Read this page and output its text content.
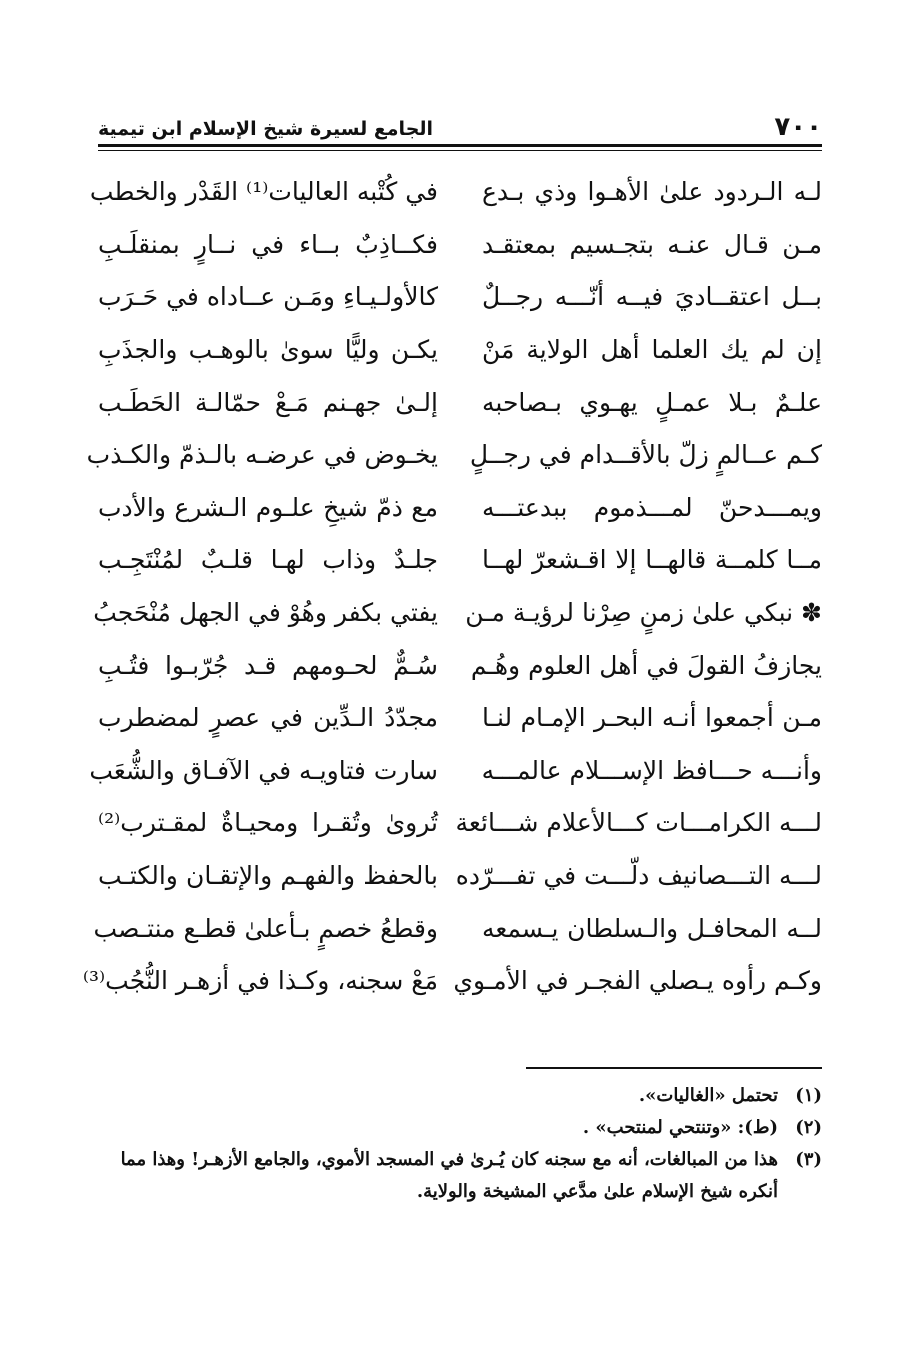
٧٠٠
الجامع لسيرة شيخ الإسلام ابن تيمية
لـه الـردود علىٰ الأهـوا وذي بـدع
في كُتْبه العاليات⁽¹⁾ القَدْر والخطب
مـن قـال عنـه بتجـسيم بمعتقـد
فكــاذِبٌ بــاء في نــارٍ بمنقلَـبِ
بــل اعتقــاديَ فيــه أنّـــه رجــلٌ
كالأولـيـاءِ ومَـن عــاداه في حَـرَب
إن لم يك العلما أهل الولاية مَنْ
يكـن وليًّا سوىٰ بالوهـب والجذَبِ
علـمٌ بـلا عمـلٍ يهـوي بـصاحبه
إلـىٰ جهـنم مَـعْ حمّالـة الحَطَـب
كـم عــالمٍ زلّ بالأقــدام في رجــلٍ
يخـوض في عرضـه بالـذمّ والكـذب
ويمـــدحنّ لمـــذموم ببدعتـــه
مع ذمّ شيخِ علـوم الـشرع والأدب
مــا كلمــة قالهــا إلا اقـشعرّ لهــا
جلـدٌ وذاب لهـا قلـبٌ لمُنْتَجِـب
✽ نبكي علىٰ زمنٍ صِرْنا لرؤيـة مـن
يفتي بكفر وهُوْ في الجهل مُنْحَجبُ
يجازفُ القولَ في أهل العلوم وهُـم
سُـمٌّ لحـومهم قـد جُرّبـوا فتُـبِ
مـن أجمعوا أنـه البحـر الإمـام لنـا
مجدّدُ الـدِّين في عصرٍ لمضطرب
وأنـــه حـــافظ الإســـلام عالمـــه
سارت فتاويـه في الآفـاق والشُّعَب
لـــه الكرامـــات كـــالأعلام شـــائعة
تُروىٰ وتُقـرا ومحيـاةٌ لمقـترب⁽²⁾
لـــه التـــصانيف دلّـــت في تفـــرّده
بالحفظ والفهـم والإتقـان والكتـب
لــه المحافـل والـسلطان يـسمعه
وقطعُ خصمٍ بـأعلىٰ قطـع منتـصب
وكـم رأوه يـصلي الفجـر في الأمـوي
مَعْ سجنه، وكـذا في أزهـر النُّجُب⁽³⁾
(١)
تحتمل «الغاليات».
(٢)
(ط): «وتنتحي لمنتحب» .
(٣)
هذا من المبالغات، أنه مع سجنه كان يُـرىٰ في المسجد الأموي، والجامع الأزهـر! وهذا مما أنكره شيخ الإسلام علىٰ مدَّعي المشيخة والولاية.
